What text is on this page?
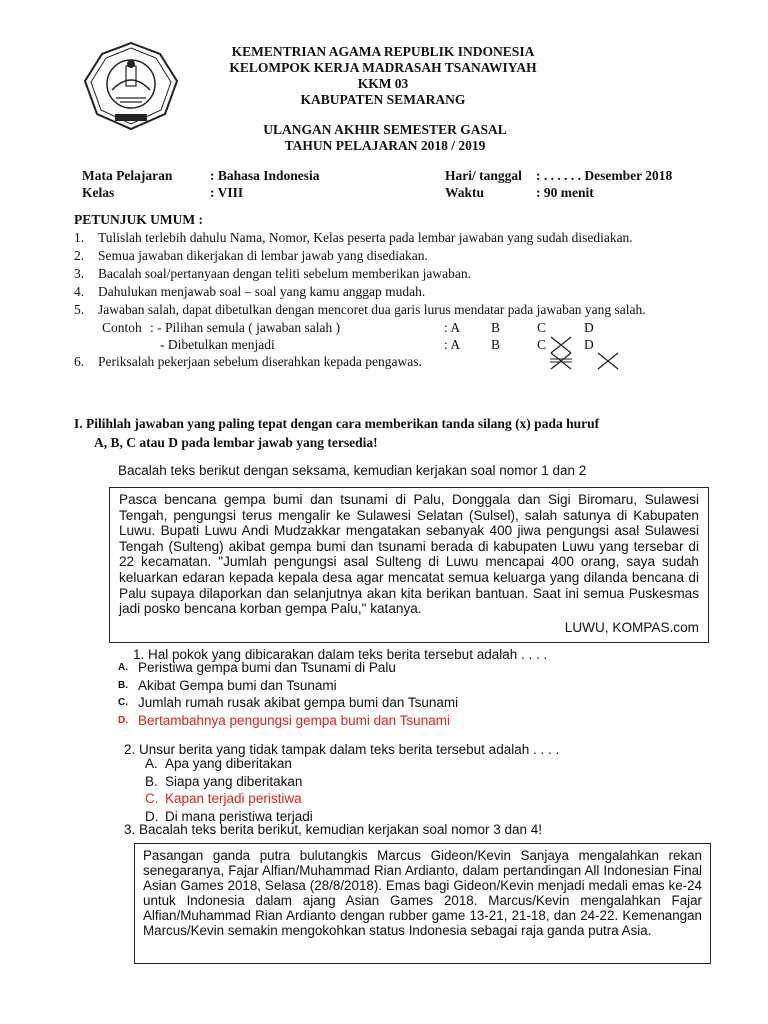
KEMENTRIAN AGAMA REPUBLIK INDONESIA
KELOMPOK KERJA MADRASAH TSANAWIYAH
KKM 03
KABUPATEN SEMARANG
ULANGAN AKHIR SEMESTER GASAL
TAHUN PELAJARAN 2018 / 2019
Mata Pelajaran	: Bahasa Indonesia
Kelas	: VIII
Hari/ tanggal	: . . . . . . Desember 2018
Waktu	: 90 menit
PETUNJUK UMUM :
1.	Tulislah terlebih dahulu Nama, Nomor, Kelas peserta pada lembar jawaban yang sudah disediakan.
2.	Semua jawaban dikerjakan di lembar jawab yang disediakan.
3.	Bacalah soal/pertanyaan dengan teliti sebelum memberikan jawaban.
4.	Dahulukan menjawab soal – soal yang kamu anggap mudah.
5.	Jawaban salah, dapat dibetulkan dengan mencoret dua garis lurus mendatar pada jawaban yang salah.
Contoh : - Pilihan semula ( jawaban salah )	: A B	C	D

- Dibetulkan menjadi	: A B	C	D

6.	Periksalah pekerjaan sebelum diserahkan kepada pengawas.
I. Pilihlah jawaban yang paling tepat dengan cara memberikan tanda silang (x) pada huruf
A, B, C atau D pada lembar jawab yang tersedia!
Bacalah teks berikut dengan seksama, kemudian kerjakan soal nomor 1 dan 2
Pasca bencana gempa bumi dan tsunami di Palu, Donggala dan Sigi Biromaru, Sulawesi Tengah, pengungsi terus mengalir ke Sulawesi Selatan (Sulsel), salah satunya di Kabupaten Luwu. Bupati Luwu Andi Mudzakkar mengatakan sebanyak 400 jiwa pengungsi asal Sulawesi Tengah (Sulteng) akibat gempa bumi dan tsunami berada di kabupaten Luwu yang tersebar di 22 kecamatan. "Jumlah pengungsi asal Sulteng di Luwu mencapai 400 orang, saya sudah keluarkan edaran kepada kepala desa agar mencatat semua keluarga yang dilanda bencana di Palu supaya dilaporkan dan selanjutnya akan kita berikan bantuan. Saat ini semua Puskesmas jadi posko bencana korban gempa Palu," katanya.
LUWU, KOMPAS.com
1. Hal pokok yang dibicarakan dalam teks berita tersebut adalah . . . .
A. Peristiwa gempa bumi dan Tsunami di Palu
B. Akibat Gempa bumi dan Tsunami
C. Jumlah rumah rusak akibat gempa bumi dan Tsunami
D. Bertambahnya pengungsi gempa bumi dan Tsunami
2. Unsur berita yang tidak tampak dalam teks berita tersebut adalah . . . .
A. Apa yang diberitakan
B. Siapa yang diberitakan
C. Kapan terjadi peristiwa
D. Di mana peristiwa terjadi
3. Bacalah teks berita berikut, kemudian kerjakan soal nomor 3 dan 4!
Pasangan ganda putra bulutangkis Marcus Gideon/Kevin Sanjaya mengalahkan rekan senegaranya, Fajar Alfian/Muhammad Rian Ardianto, dalam pertandingan All Indonesian Final Asian Games 2018, Selasa (28/8/2018). Emas bagi Gideon/Kevin menjadi medali emas ke-24 untuk Indonesia dalam ajang Asian Games 2018. Marcus/Kevin mengalahkan Fajar Alfian/Muhammad Rian Ardianto dengan rubber game 13-21, 21-18, dan 24-22. Kemenangan Marcus/Kevin semakin mengokohkan status Indonesia sebagai raja ganda putra Asia.
